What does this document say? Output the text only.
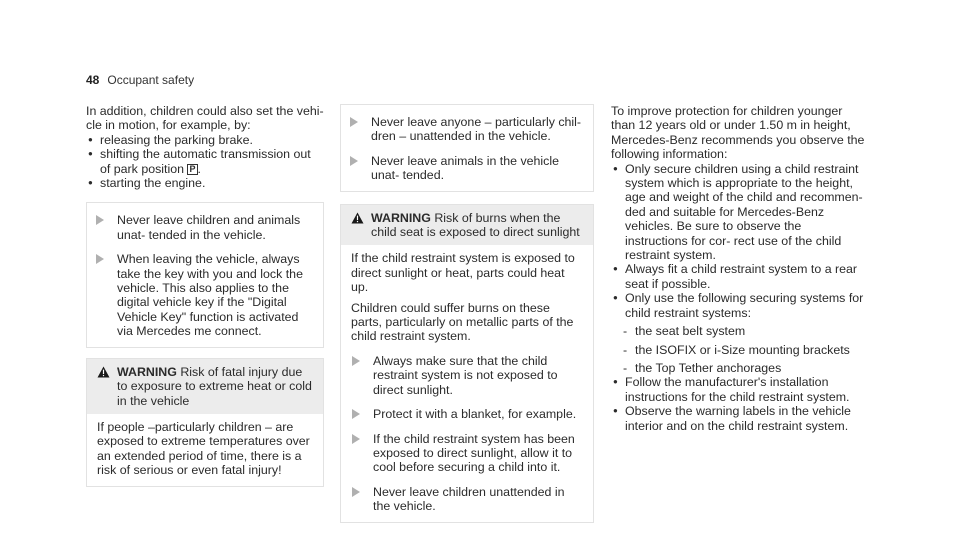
48 Occupant safety

In addition, children could also set the vehi- cle in motion, for example, by:

● releasing the parking brake.
● shifting the automatic transmission out of park position P .
● starting the engine.
Never leave children and animals unat- tended in the vehicle.
When leaving the vehicle, always take the key with you and lock the vehicle. This also applies to the digital vehicle key if the "Digital Vehicle Key" function is activated via Mercedes me connect.
WARNING Risk of fatal injury due to exposure to extreme heat or cold in the vehicle

If people –particularly children – are exposed to extreme temperatures over an extended period of time, there is a risk of serious or even fatal injury!

Never leave anyone – particularly chil- dren – unattended in the vehicle.
Never leave animals in the vehicle unat- tended.
WARNING Risk of burns when the child seat is exposed to direct sunlight

If the child restraint system is exposed to direct sunlight or heat, parts could heat up.

Children could suffer burns on these parts, particularly on metallic parts of the child restraint system.

Always make sure that the child restraint system is not exposed to direct sunlight.
Protect it with a blanket, for example.
If the child restraint system has been exposed to direct sunlight, allow it to cool before securing a child into it.
Never leave children unattended in the vehicle.

To improve protection for children younger than 12 years old or under 1.50 m in height, Mercedes-Benz recommends you observe the following information:

● Only secure children using a child restraint system which is appropriate to the height, age and weight of the child and recommen- ded and suitable for Mercedes-Benz vehicles. Be sure to observe the instructions for cor- rect use of the child restraint system.
● Always fit a child restraint system to a rear seat if possible.
● Only use the following securing systems for child restraint systems:
- the seat belt system
- the ISOFIX or i-Size mounting brackets
- the Top Tether anchorages
● Follow the manufacturer's installation instructions for the child restraint system.
● Observe the warning labels in the vehicle interior and on the child restraint system.
